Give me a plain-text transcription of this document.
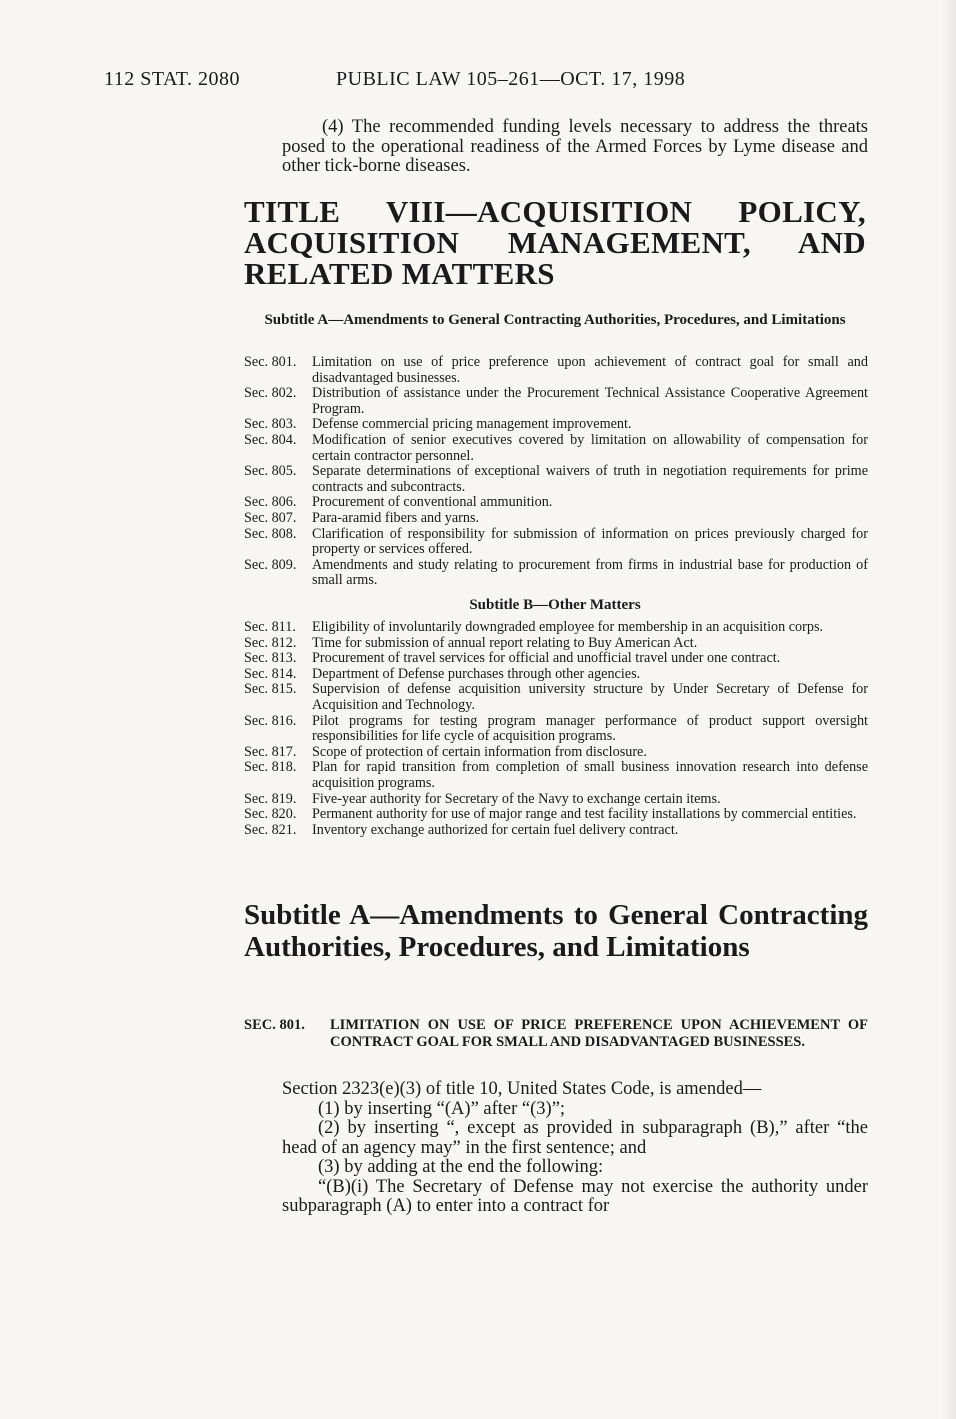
112 STAT. 2080	PUBLIC LAW 105–261—OCT. 17, 1998
(4) The recommended funding levels necessary to address the threats posed to the operational readiness of the Armed Forces by Lyme disease and other tick-borne diseases.
TITLE VIII—ACQUISITION POLICY, ACQUISITION MANAGEMENT, AND RELATED MATTERS
Subtitle A—Amendments to General Contracting Authorities, Procedures, and Limitations
Sec. 801.	Limitation on use of price preference upon achievement of contract goal for small and disadvantaged businesses.
Sec. 802.	Distribution of assistance under the Procurement Technical Assistance Cooperative Agreement Program.
Sec. 803.	Defense commercial pricing management improvement.
Sec. 804.	Modification of senior executives covered by limitation on allowability of compensation for certain contractor personnel.
Sec. 805.	Separate determinations of exceptional waivers of truth in negotiation requirements for prime contracts and subcontracts.
Sec. 806.	Procurement of conventional ammunition.
Sec. 807.	Para-aramid fibers and yarns.
Sec. 808.	Clarification of responsibility for submission of information on prices previously charged for property or services offered.
Sec. 809.	Amendments and study relating to procurement from firms in industrial base for production of small arms.
Subtitle B—Other Matters
Sec. 811.	Eligibility of involuntarily downgraded employee for membership in an acquisition corps.
Sec. 812.	Time for submission of annual report relating to Buy American Act.
Sec. 813.	Procurement of travel services for official and unofficial travel under one contract.
Sec. 814.	Department of Defense purchases through other agencies.
Sec. 815.	Supervision of defense acquisition university structure by Under Secretary of Defense for Acquisition and Technology.
Sec. 816.	Pilot programs for testing program manager performance of product support oversight responsibilities for life cycle of acquisition programs.
Sec. 817.	Scope of protection of certain information from disclosure.
Sec. 818.	Plan for rapid transition from completion of small business innovation research into defense acquisition programs.
Sec. 819.	Five-year authority for Secretary of the Navy to exchange certain items.
Sec. 820.	Permanent authority for use of major range and test facility installations by commercial entities.
Sec. 821.	Inventory exchange authorized for certain fuel delivery contract.
Subtitle A—Amendments to General Contracting Authorities, Procedures, and Limitations
SEC. 801.	LIMITATION ON USE OF PRICE PREFERENCE UPON ACHIEVEMENT OF CONTRACT GOAL FOR SMALL AND DISADVANTAGED BUSINESSES.

Section 2323(e)(3) of title 10, United States Code, is amended—

(1) by inserting “(A)” after “(3)”;

(2) by inserting “, except as provided in subparagraph (B),” after “the head of an agency may” in the first sentence; and

(3) by adding at the end the following:

“(B)(i) The Secretary of Defense may not exercise the authority under subparagraph (A) to enter into a contract for
